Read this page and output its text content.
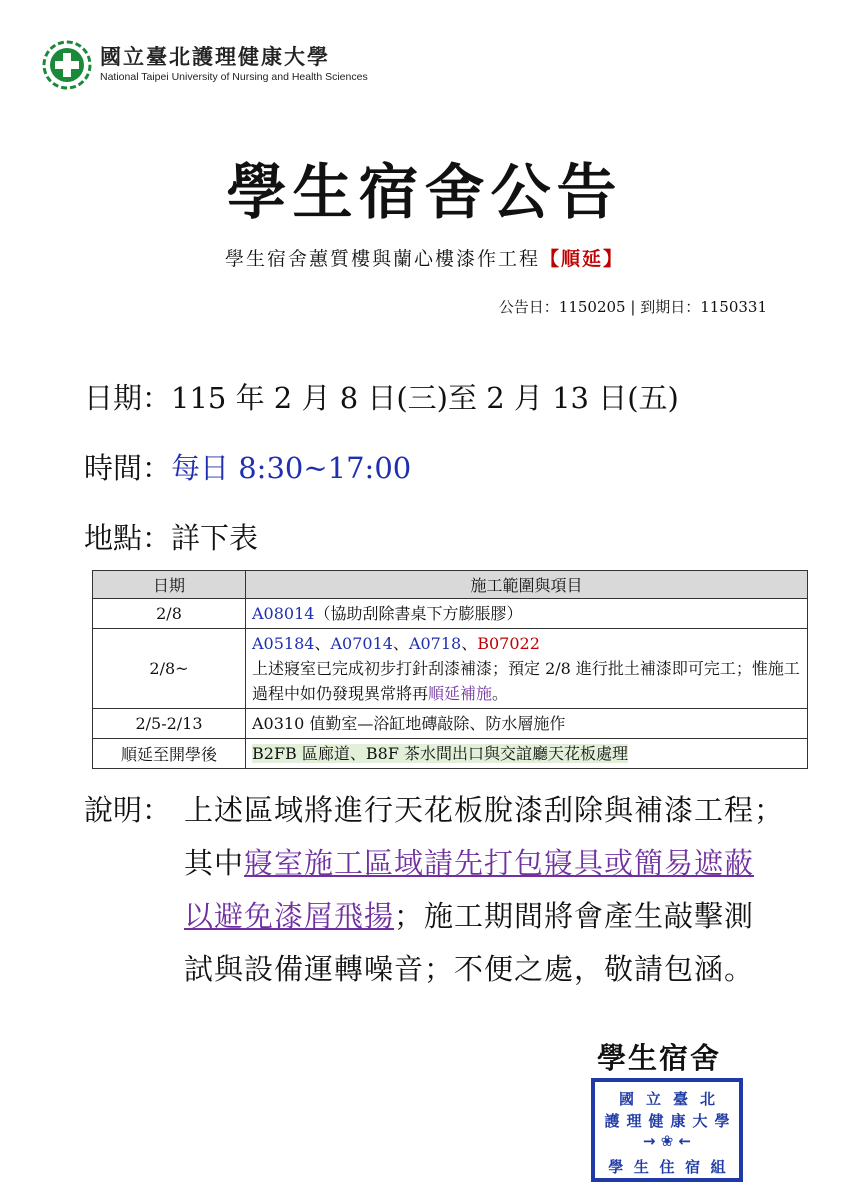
國立臺北護理健康大學
National Taipei University of Nursing and Health Sciences
學生宿舍公告
學生宿舍蕙質樓與蘭心樓漆作工程【順延】
公告日：1150205 | 到期日：1150331
日期：115 年 2 月 8 日(三)至 2 月 13 日(五)
時間：每日 8:30~17:00
地點：詳下表
日期	施工範圍與項目
2/8	A08014（協助刮除書桌下方膨脹膠）
2/8~	A05184、A07014、A0718、B07022
上述寢室已完成初步打針刮漆補漆；預定 2/8 進行批土補漆即可完工；惟施工過程中如仍發現異常將再順延補施。
2/5-2/13	A0310 值勤室—浴缸地磚敲除、防水層施作
順延至開學後	B2FB 區廊道、B8F 茶水間出口與交誼廳天花板處理
說明： 上述區域將進行天花板脫漆刮除與補漆工程；其中寢室施工區域請先打包寢具或簡易遮蔽以避免漆屑飛揚；施工期間將會產生敲擊測試與設備運轉噪音；不便之處，敬請包涵。
學生宿舍
國 立 臺 北
護 理 健 康 大 學
→ ❀ ←
學 生 住 宿 組
